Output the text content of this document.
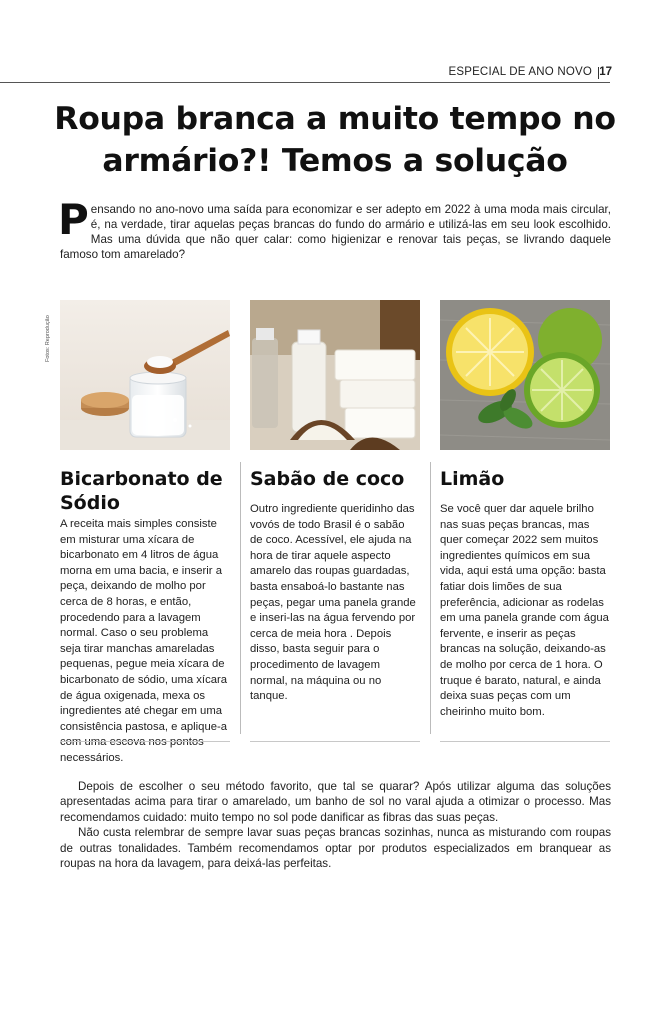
ESPECIAL DE ANO NOVO 17
Roupa branca a muito tempo no armário?! Temos a solução

Pensando no ano-novo uma saída para economizar e ser adepto em 2022 à uma moda mais circular, é, na verdade, tirar aquelas peças brancas do fundo do armário e utilizá-las em seu look escolhido. Mas uma dúvida que não quer calar: como higienizar e renovar tais peças, se livrando daquele famoso tom amarelado?

Fotos: Reprodução
Bicarbonato de Sódio

A receita mais simples consiste em misturar uma xícara de bicarbonato em 4 litros de água morna em uma bacia, e inserir a peça, deixando de molho por cerca de 8 horas, e então, procedendo para a lavagem normal. Caso o seu problema seja tirar manchas amareladas pequenas, pegue meia xícara de bicarbonato de sódio, uma xícara de água oxigenada, mexa os ingredientes até chegar em uma consistência pastosa, e aplique-a com uma escova nos pontos necessários.

Sabão de coco

Outro ingrediente queridinho das vovós de todo Brasil é o sabão de coco. Acessível, ele ajuda na hora de tirar aquele aspecto amarelo das roupas guardadas, basta ensaboá-lo bastante nas peças, pegar uma panela grande e inseri-las na água fervendo por cerca de meia hora . Depois disso, basta seguir para o procedimento de lavagem normal, na máquina ou no tanque.

Limão

Se você quer dar aquele brilho nas suas peças brancas, mas quer começar 2022 sem muitos ingredientes químicos em sua vida, aqui está uma opção: basta fatiar dois limões de sua preferência, adicionar as rodelas em uma panela grande com água fervente, e inserir as peças brancas na solução, deixando-as de molho por cerca de 1 hora. O truque é barato, natural, e ainda deixa suas peças com um cheirinho muito bom.

Depois de escolher o seu método favorito, que tal se quarar? Após utilizar alguma das soluções apresentadas acima para tirar o amarelado, um banho de sol no varal ajuda a otimizar o processo. Mas recomendamos cuidado: muito tempo no sol pode danificar as fibras das suas peças.

Não custa relembrar de sempre lavar suas peças brancas sozinhas, nunca as misturando com roupas de outras tonalidades. Também recomendamos optar por produtos especializados em branquear as roupas na hora da lavagem, para deixá-las perfeitas.
